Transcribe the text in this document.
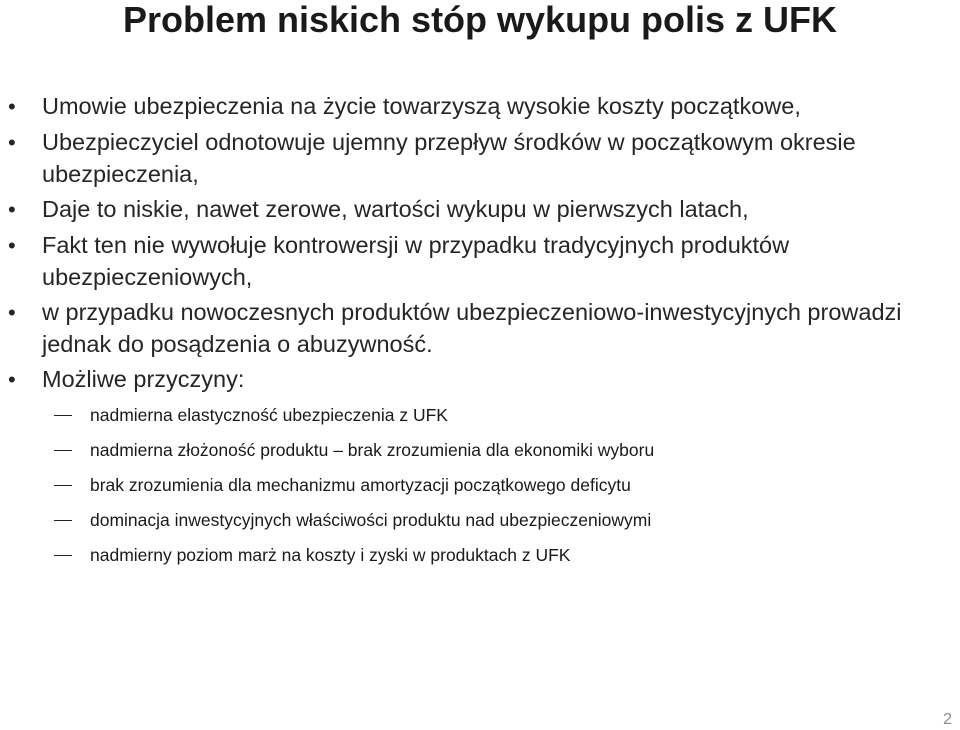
Problem niskich stóp wykupu polis z UFK
• Umowie ubezpieczenia na życie towarzyszą wysokie koszty początkowe,
• Ubezpieczyciel odnotowuje ujemny przepływ środków w początkowym okresie ubezpieczenia,
• Daje to niskie, nawet zerowe, wartości wykupu w pierwszych latach,
• Fakt ten nie wywołuje kontrowersji w przypadku tradycyjnych produktów ubezpieczeniowych,
• w przypadku nowoczesnych produktów ubezpieczeniowo-inwestycyjnych prowadzi jednak do posądzenia o abuzywność.
• Możliwe przyczyny:
nadmierna elastyczność ubezpieczenia z UFK
nadmierna złożoność produktu – brak zrozumienia dla ekonomiki wyboru
brak zrozumienia dla mechanizmu amortyzacji początkowego deficytu
dominacja inwestycyjnych właściwości produktu nad ubezpieczeniowymi
nadmierny poziom marż na koszty i zyski w produktach z UFK
2
